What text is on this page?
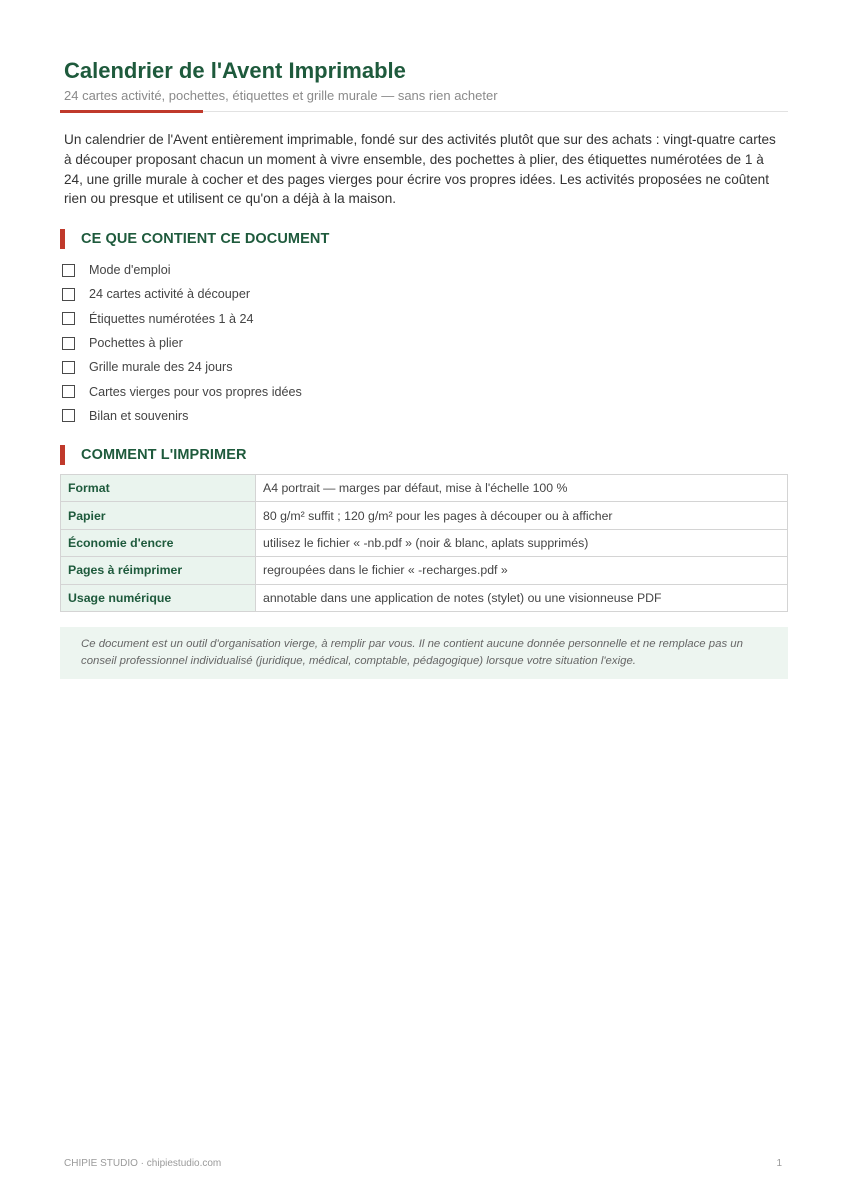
Calendrier de l'Avent Imprimable
24 cartes activité, pochettes, étiquettes et grille murale — sans rien acheter

Un calendrier de l'Avent entièrement imprimable, fondé sur des activités plutôt que sur des achats : vingt-quatre cartes à découper proposant chacun un moment à vivre ensemble, des pochettes à plier, des étiquettes numérotées de 1 à 24, une grille murale à cocher et des pages vierges pour écrire vos propres idées. Les activités proposées ne coûtent rien ou presque et utilisent ce qu'on a déjà à la maison.

CE QUE CONTIENT CE DOCUMENT
Mode d'emploi
24 cartes activité à découper
Étiquettes numérotées 1 à 24
Pochettes à plier
Grille murale des 24 jours
Cartes vierges pour vos propres idées
Bilan et souvenirs
COMMENT L'IMPRIMER
Format	A4 portrait — marges par défaut, mise à l'échelle 100 %
Papier	80 g/m² suffit ; 120 g/m² pour les pages à découper ou à afficher
Économie d'encre	utilisez le fichier « -nb.pdf » (noir & blanc, aplats supprimés)
Pages à réimprimer	regroupées dans le fichier « -recharges.pdf »
Usage numérique	annotable dans une application de notes (stylet) ou une visionneuse PDF
Ce document est un outil d'organisation vierge, à remplir par vous. Il ne contient aucune donnée personnelle et ne remplace pas un conseil professionnel individualisé (juridique, médical, comptable, pédagogique) lorsque votre situation l'exige.
CHIPIE STUDIO · chipiestudio.com	1
